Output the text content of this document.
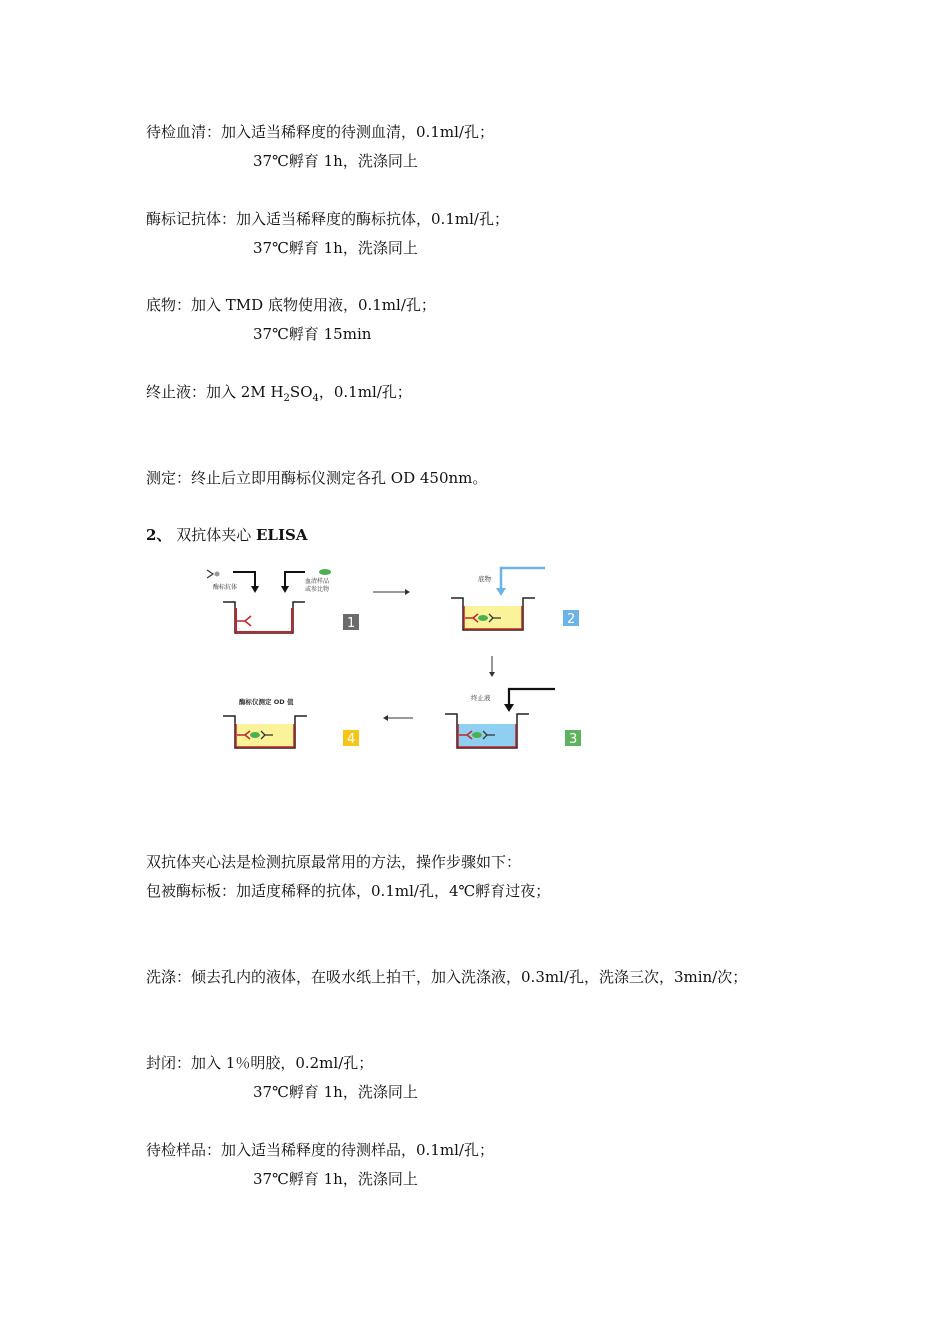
待检血清：加入适当稀释度的待测血清，0.1ml/孔；
37℃孵育 1h，洗涤同上
酶标记抗体：加入适当稀释度的酶标抗体，0.1ml/孔；
37℃孵育 1h，洗涤同上
底物：加入 TMD 底物使用液，0.1ml/孔；
37℃孵育 15min
终止液：加入 2M $H_2SO_4$，0.1ml/孔；
测定：终止后立即用酶标仪测定各孔 OD 450nm。
2、 双抗体夹心 ELISA
酶标抗体
血清样品
或参比物
1
底物
2
终止液
3
酶标仪测定 OD 值
4
双抗体夹心法是检测抗原最常用的方法，操作步骤如下：
包被酶标板：加适度稀释的抗体，0.1ml/孔，4℃孵育过夜；
洗涤：倾去孔内的液体，在吸水纸上拍干，加入洗涤液，0.3ml/孔，洗涤三次，3min/次；
封闭：加入 1％明胶，0.2ml/孔；
37℃孵育 1h，洗涤同上
待检样品：加入适当稀释度的待测样品，0.1ml/孔；
37℃孵育 1h，洗涤同上
